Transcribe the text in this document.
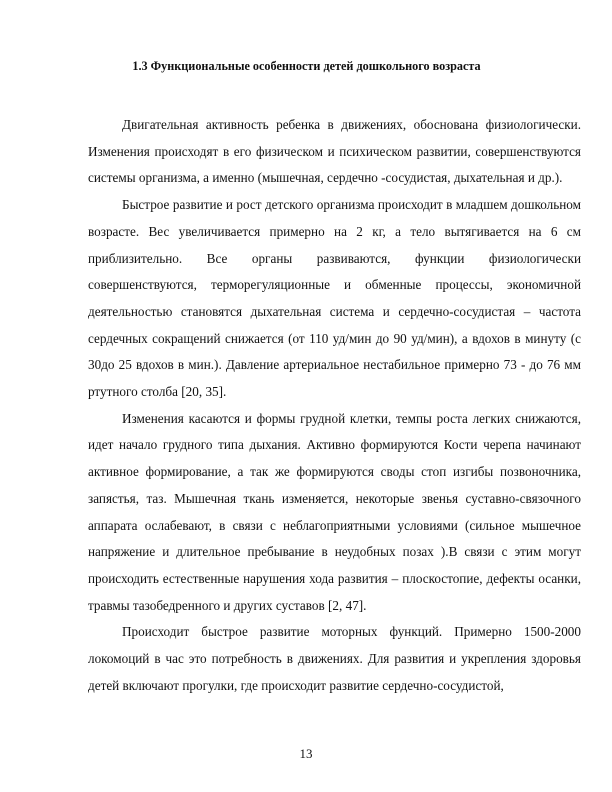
1.3 Функциональные особенности детей дошкольного возраста

Двигательная активность ребенка в движениях, обоснована физиологически. Изменения происходят в его физическом и психическом развитии, совершенствуются системы организма, а именно (мышечная, сердечно -сосудистая, дыхательная и др.).

Быстрое развитие и рост детского организма происходит в младшем дошкольном возрасте. Вес увеличивается примерно на 2 кг, а тело вытягивается на 6 см приблизительно. Все органы развиваются, функции физиологически совершенствуются, терморегуляционные и обменные процессы, экономичной деятельностью становятся дыхательная система и сердечно-сосудистая – частота сердечных сокращений снижается (от 110 уд/мин до 90 уд/мин), а вдохов в минуту (с 30до 25 вдохов в мин.). Давление артериальное нестабильное примерно 73 - до 76 мм ртутного столба [20, 35].

Изменения касаются и формы грудной клетки, темпы роста легких снижаются, идет начало грудного типа дыхания. Активно формируются Кости черепа начинают активное формирование, а так же формируются своды стоп изгибы позвоночника, запястья, таз. Мышечная ткань изменяется, некоторые звенья суставно-связочного аппарата ослабевают, в связи с неблагоприятными условиями (сильное мышечное напряжение и длительное пребывание в неудобных позах ).В связи с этим могут происходить естественные нарушения хода развития – плоскостопие, дефекты осанки, травмы тазобедренного и других суставов [2, 47].

Происходит быстрое развитие моторных функций. Примерно 1500-2000 локомоций в час это потребность в движениях. Для развития и укрепления здоровья детей включают прогулки, где происходит развитие сердечно-сосудистой,

13
